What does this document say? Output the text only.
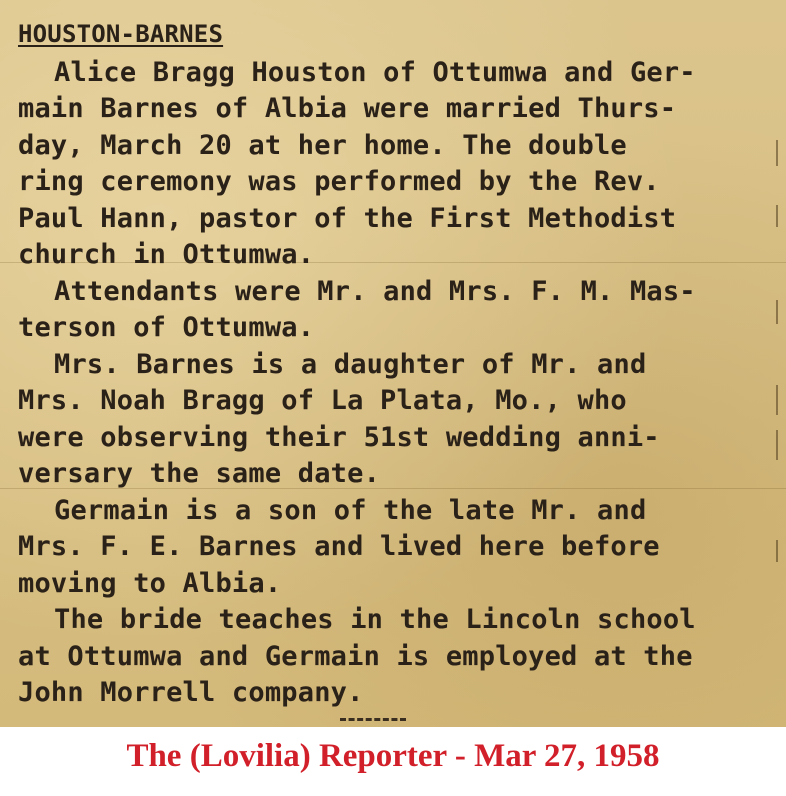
HOUSTON-BARNES
Alice Bragg Houston of Ottumwa and Ger-
main Barnes of Albia were married Thurs-
day, March 20 at her home. The double
ring ceremony was performed by the Rev.
Paul Hann, pastor of the First Methodist
church in Ottumwa.
Attendants were Mr. and Mrs. F. M. Mas-
terson of Ottumwa.
Mrs. Barnes is a daughter of Mr. and
Mrs. Noah Bragg of La Plata, Mo., who
were observing their 51st wedding anni-
versary the same date.
Germain is a son of the late Mr. and
Mrs. F. E. Barnes and lived here before
moving to Albia.
The bride teaches in the Lincoln school
at Ottumwa and Germain is employed at the
John Morrell company.
The (Lovilia) Reporter - Mar 27, 1958
